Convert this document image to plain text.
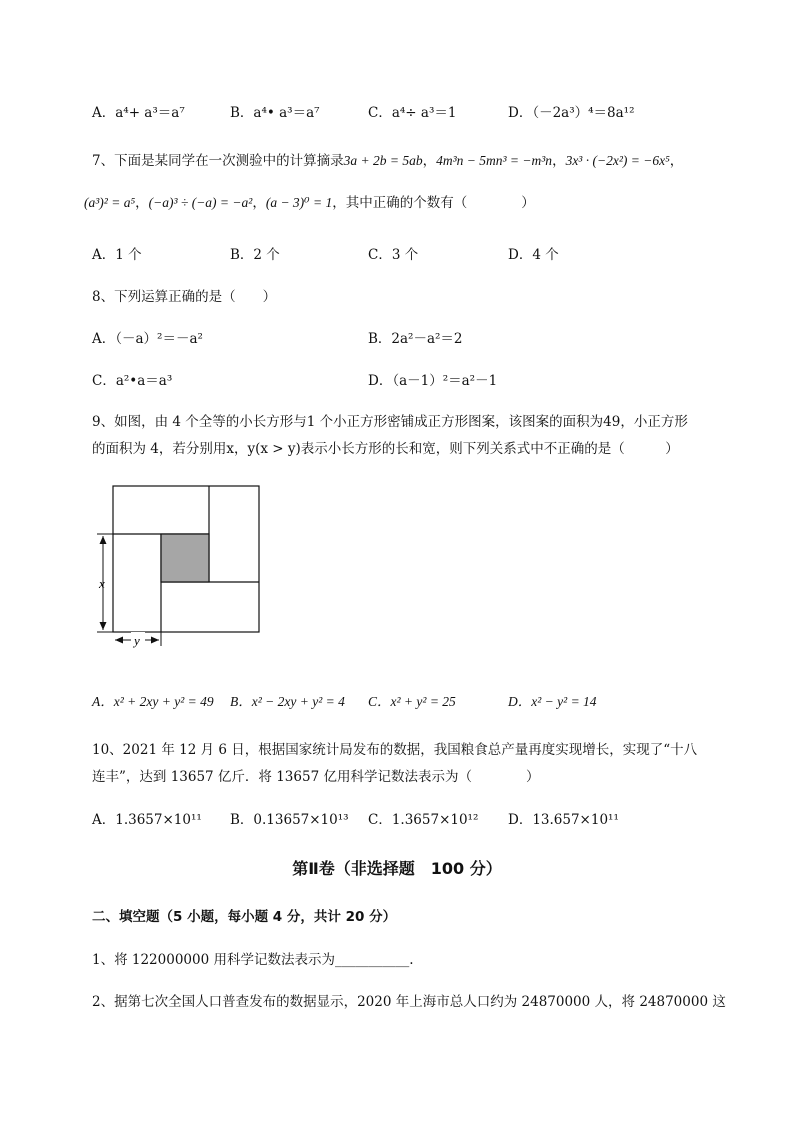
A．a⁴+ a³＝a⁷	B．a⁴• a³＝a⁷	C．a⁴÷ a³＝1	D．（－2a³）⁴＝8a¹²
7、下面是某同学在一次测验中的计算摘录3a + 2b = 5ab，4m³n − 5mn³ = −m³n，3x³ · (−2x²) = −6x⁵，
(a³)² = a⁵，(−a)³ ÷ (−a) = −a²，(a − 3)⁰ = 1，其中正确的个数有（　　　　）
A．1 个	B．2 个	C．3 个	D．4 个
8、下列运算正确的是（　　）
A．（－a）²＝－a²	B．2a²－a²＝2
C．a²•a＝a³	D．（a－1）²＝a²－1
9、如图，由 4 个全等的小长方形与1 个小正方形密铺成正方形图案，该图案的面积为49，小正方形
的面积为 4，若分别用x，y(x > y)表示小长方形的长和宽，则下列关系式中不正确的是（　　　）
x
y
A．x² + 2xy + y² = 49 B．x² − 2xy + y² = 4 C．x² + y² = 25	D．x² − y² = 14
10、2021 年 12 月 6 日，根据国家统计局发布的数据，我国粮食总产量再度实现增长，实现了“十八
连丰”，达到 13657 亿斤．将 13657 亿用科学记数法表示为（　　　　）
A．1.3657×10¹¹ B．0.13657×10¹³ C．1.3657×10¹² D．13.657×10¹¹
第Ⅱ卷（非选择题　100 分）
二、填空题（5 小题，每小题 4 分，共计 20 分）
1、将 122000000 用科学记数法表示为___________.
2、据第七次全国人口普查发布的数据显示，2020 年上海市总人口约为 24870000 人，将 24870000 这
